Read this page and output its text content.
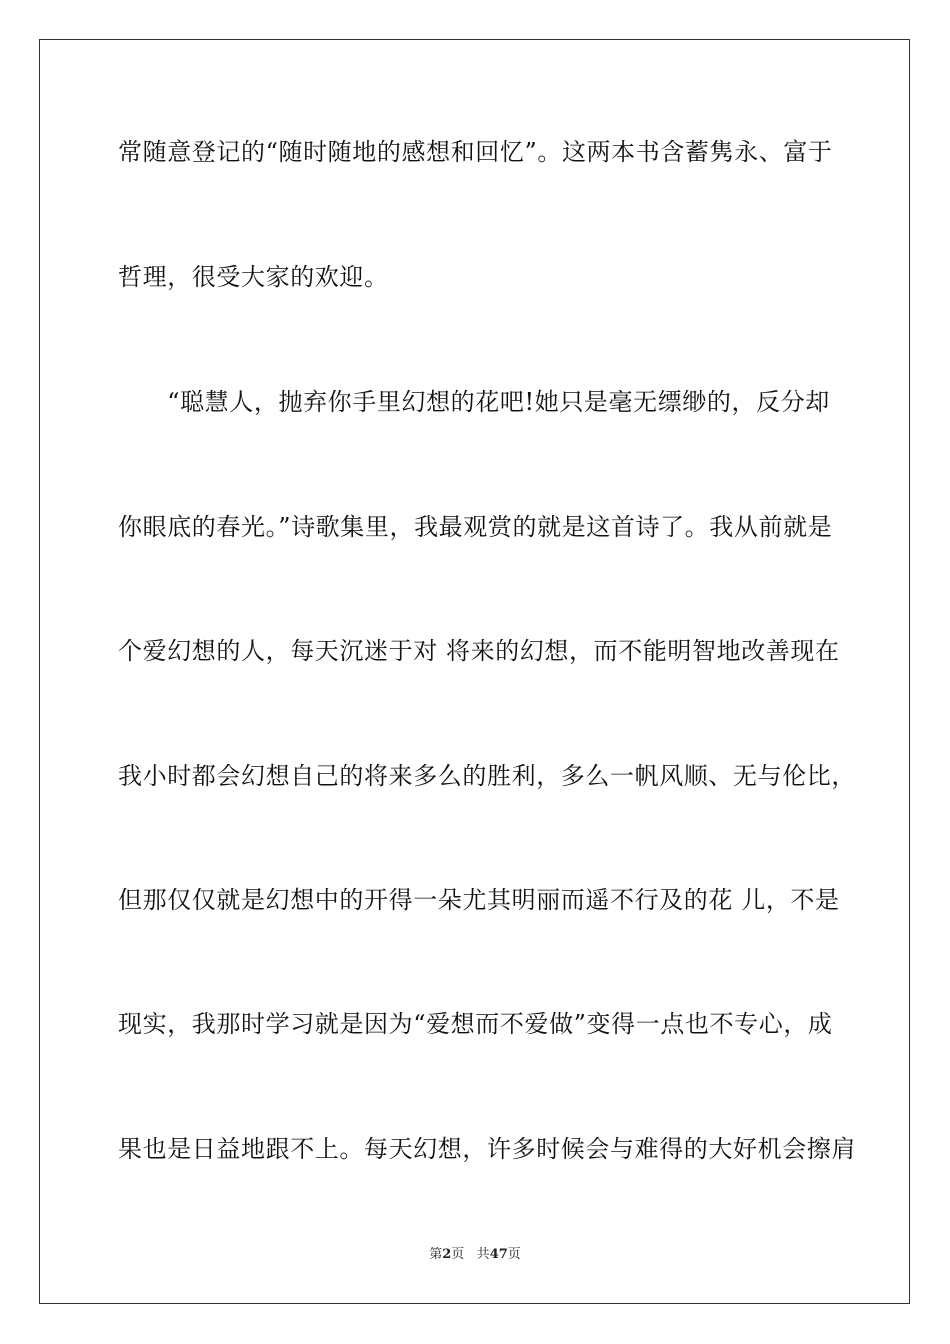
常随意登记的“随时随地的感想和回忆”。这两本书含蓄隽永、富于
哲理，很受大家的欢迎。
　　“聪慧人，抛弃你手里幻想的花吧!她只是毫无缥缈的，反分却
你眼底的春光。”诗歌集里，我最观赏的就是这首诗了。我从前就是
个爱幻想的人，每天沉迷于对 将来的幻想，而不能明智地改善现在
我小时都会幻想自己的将来多么的胜利，多么一帆风顺、无与伦比，
但那仅仅就是幻想中的开得一朵尤其明丽而遥不行及的花 儿，不是
现实，我那时学习就是因为“爱想而不爱做”变得一点也不专心，成
果也是日益地跟不上。每天幻想，许多时候会与难得的大好机会擦肩
第2页 共47页
